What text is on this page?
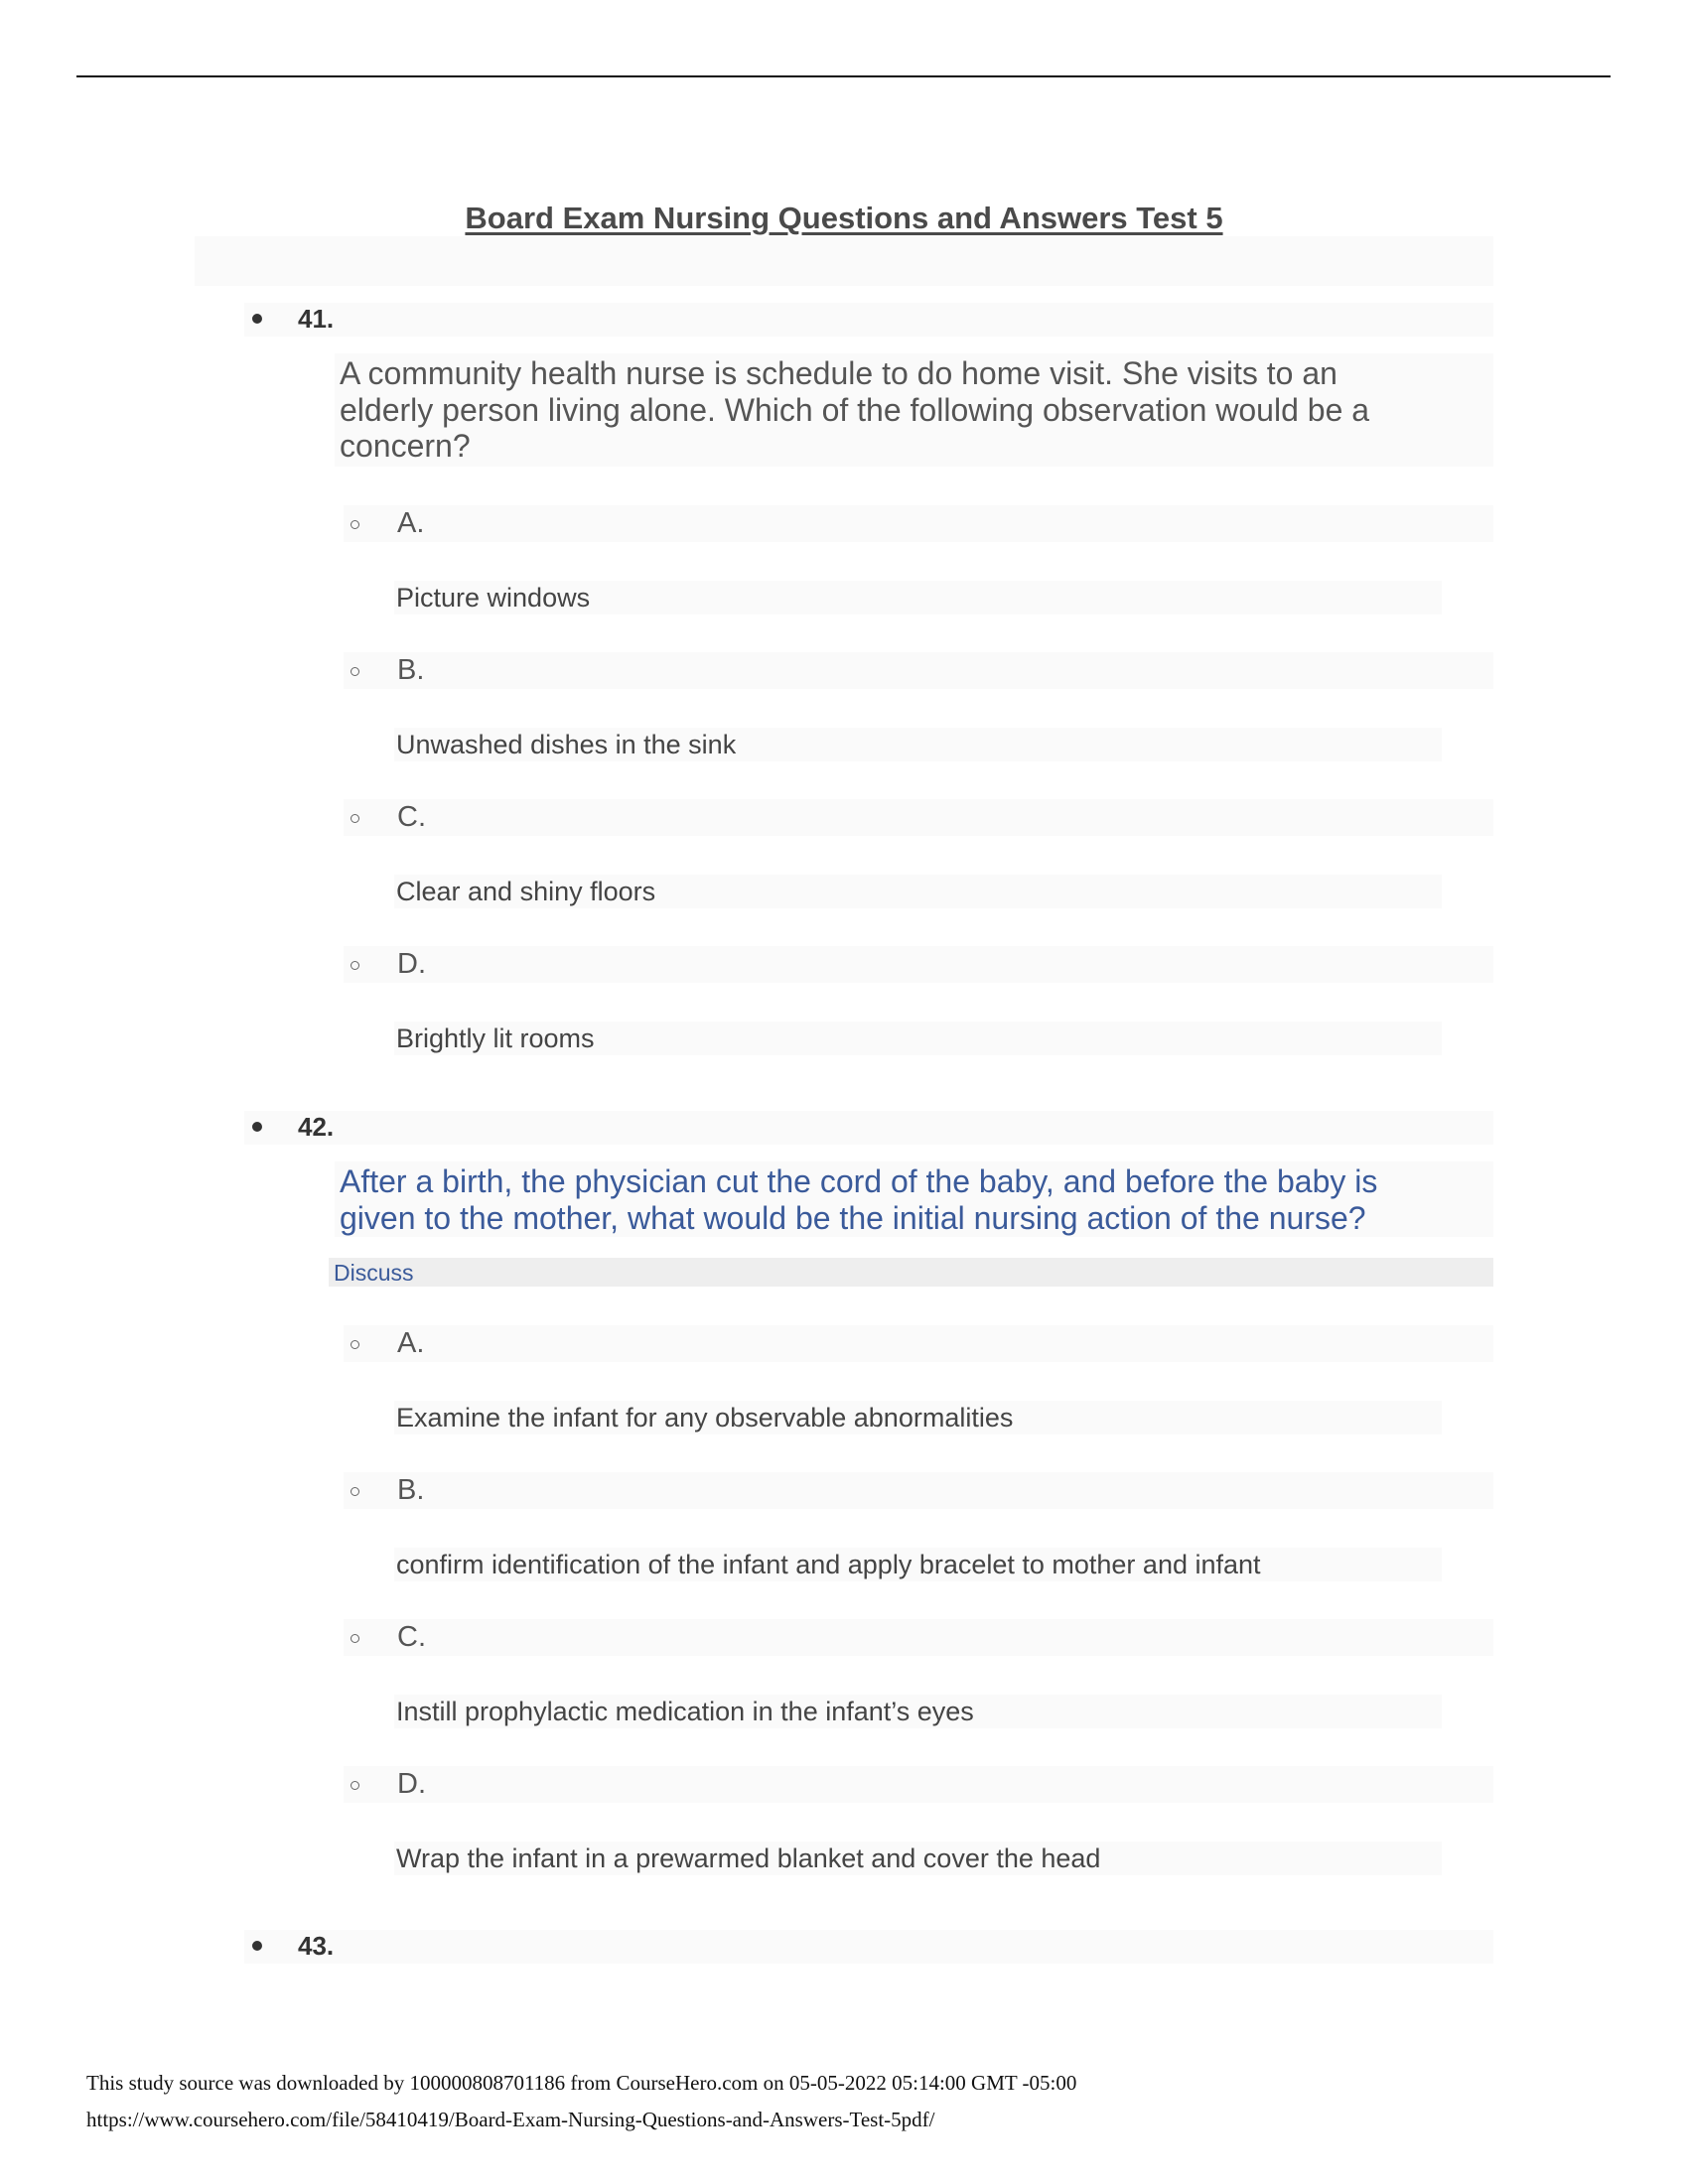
Board Exam Nursing Questions and Answers Test 5
41.
A community health nurse is schedule to do home visit. She visits to an
elderly person living alone. Which of the following observation would be a
concern?
A.
Picture windows
B.
Unwashed dishes in the sink
C.
Clear and shiny floors
D.
Brightly lit rooms
42.
After a birth, the physician cut the cord of the baby, and before the baby is
given to the mother, what would be the initial nursing action of the nurse?
Discuss
A.
Examine the infant for any observable abnormalities
B.
confirm identification of the infant and apply bracelet to mother and infant
C.
Instill prophylactic medication in the infant’s eyes
D.
Wrap the infant in a prewarmed blanket and cover the head
43.
This study source was downloaded by 100000808701186 from CourseHero.com on 05-05-2022 05:14:00 GMT -05:00
https://www.coursehero.com/file/58410419/Board-Exam-Nursing-Questions-and-Answers-Test-5pdf/
